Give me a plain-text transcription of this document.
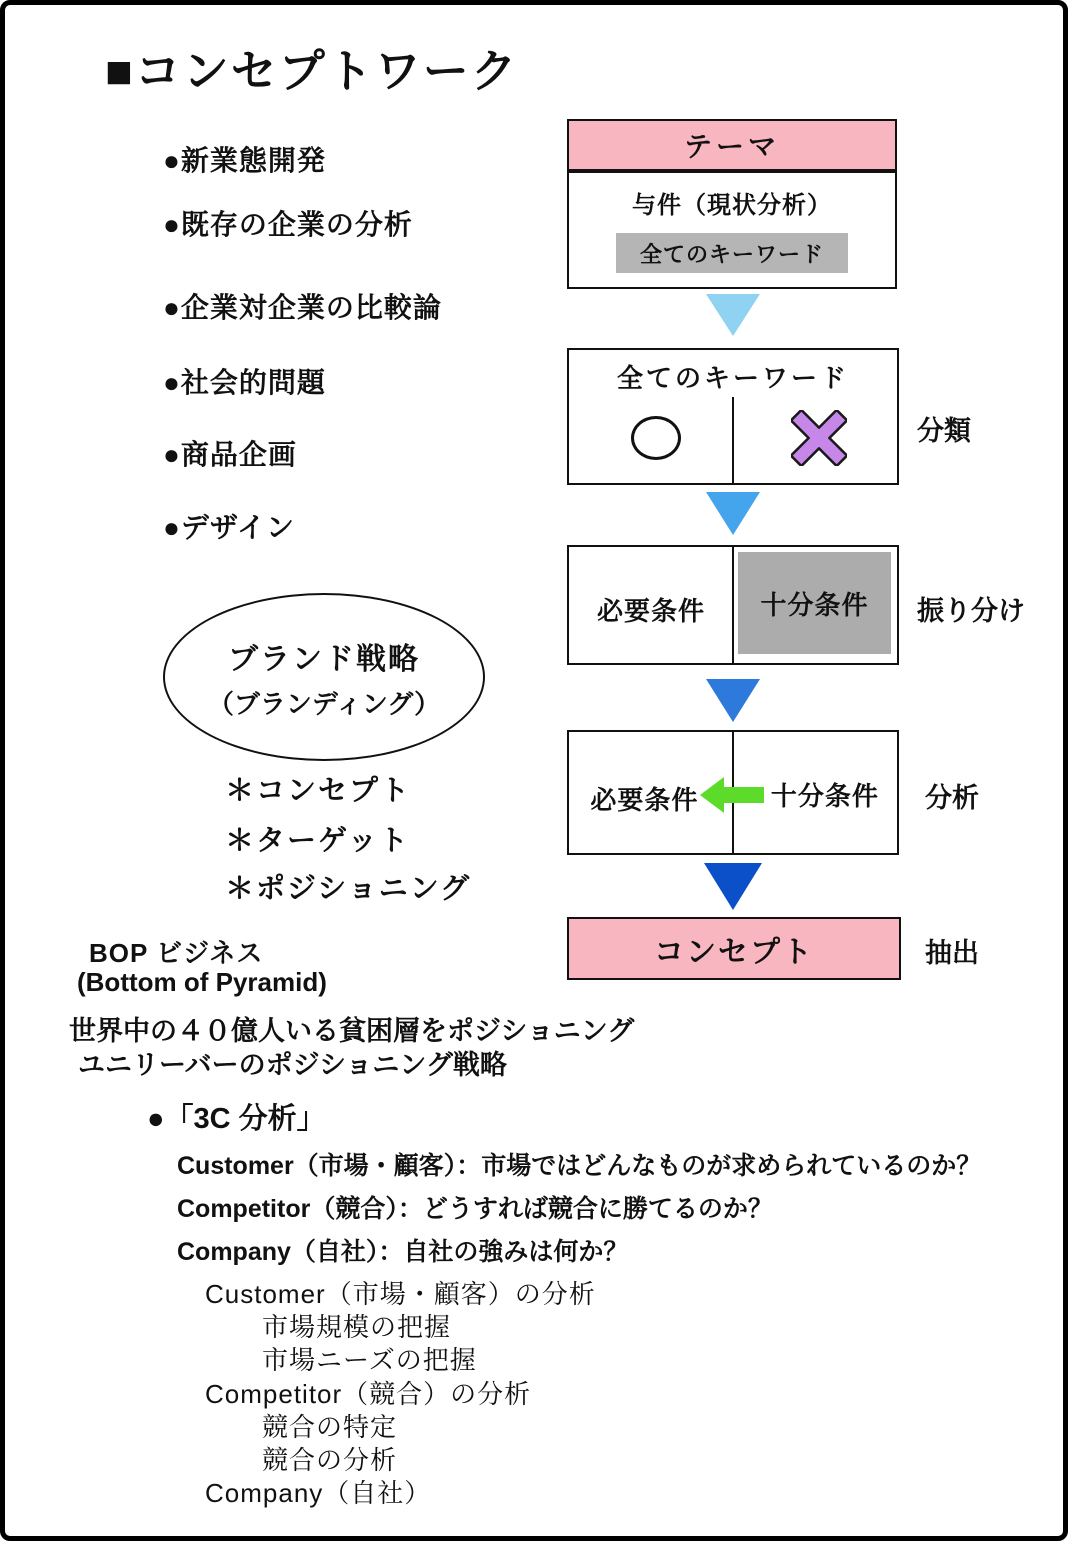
■コンセプトワーク
●新業態開発
●既存の企業の分析
●企業対企業の比較論
●社会的問題
●商品企画
●デザイン
ブランド戦略
（ブランディング）
＊コンセプト
＊ターゲット
＊ポジショニング
BOP ビジネス
(Bottom of Pyramid)
世界中の４０億人いる貧困層をポジショニング
ユニリーバーのポジショニング戦略
●「3C 分析」
Customer（市場・顧客）：市場ではどんなものが求められているのか？
Competitor（競合）：どうすれば競合に勝てるのか？
Company（自社）：自社の強みは何か？
Customer（市場・顧客）の分析
市場規模の把握
市場ニーズの把握
Competitor（競合）の分析
競合の特定
競合の分析
Company（自社）
テーマ
与件（現状分析）
全てのキーワード
全てのキーワード
分類
必要条件	十分条件	振り分け
必要条件	十分条件	分析
コンセプト	抽出
